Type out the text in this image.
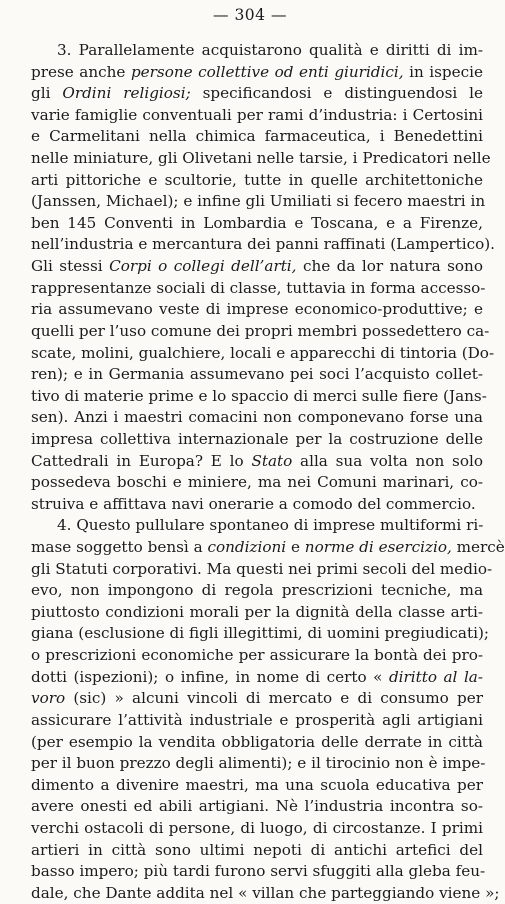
— 304 —
3. Parallelamente acquistarono qualità e diritti di im-
prese anche persone collettive od enti giuridici, in ispecie
gli Ordini religiosi; specificandosi e distinguendosi le
varie famiglie conventuali per rami d’industria: i Certosini
e Carmelitani nella chimica farmaceutica, i Benedettini
nelle miniature, gli Olivetani nelle tarsie, i Predicatori nelle
arti pittoriche e scultorie, tutte in quelle architettoniche
(Janssen, Michael); e infine gli Umiliati si fecero maestri in
ben 145 Conventi in Lombardia e Toscana, e a Firenze,
nell’industria e mercantura dei panni raffinati (Lampertico).
Gli stessi Corpi o collegi dell’arti, che da lor natura sono
rappresentanze sociali di classe, tuttavia in forma accesso-
ria assumevano veste di imprese economico-produttive; e
quelli per l’uso comune dei propri membri possedettero ca-
scate, molini, gualchiere, locali e apparecchi di tintoria (Do-
ren); e in Germania assumevano pei soci l’acquisto collet-
tivo di materie prime e lo spaccio di merci sulle fiere (Jans-
sen). Anzi i maestri comacini non componevano forse una
impresa collettiva internazionale per la costruzione delle
Cattedrali in Europa? E lo Stato alla sua volta non solo
possedeva boschi e miniere, ma nei Comuni marinari, co-
struiva e affittava navi onerarie a comodo del commercio.
4. Questo pullulare spontaneo di imprese multiformi ri-
mase soggetto bensì a condizioni e norme di esercizio, mercè
gli Statuti corporativi. Ma questi nei primi secoli del medio-
evo, non impongono di regola prescrizioni tecniche, ma
piuttosto condizioni morali per la dignità della classe arti-
giana (esclusione di figli illegittimi, di uomini pregiudicati);
o prescrizioni economiche per assicurare la bontà dei pro-
dotti (ispezioni); o infine, in nome di certo « diritto al la-
voro (sic) » alcuni vincoli di mercato e di consumo per
assicurare l’attività industriale e prosperità agli artigiani
(per esempio la vendita obbligatoria delle derrate in città
per il buon prezzo degli alimenti); e il tirocinio non è impe-
dimento a divenire maestri, ma una scuola educativa per
avere onesti ed abili artigiani. Nè l’industria incontra so-
verchi ostacoli di persone, di luogo, di circostanze. I primi
artieri in città sono ultimi nepoti di antichi artefici del
basso impero; più tardi furono servi sfuggiti alla gleba feu-
dale, che Dante addita nel « villan che parteggiando viene »;
